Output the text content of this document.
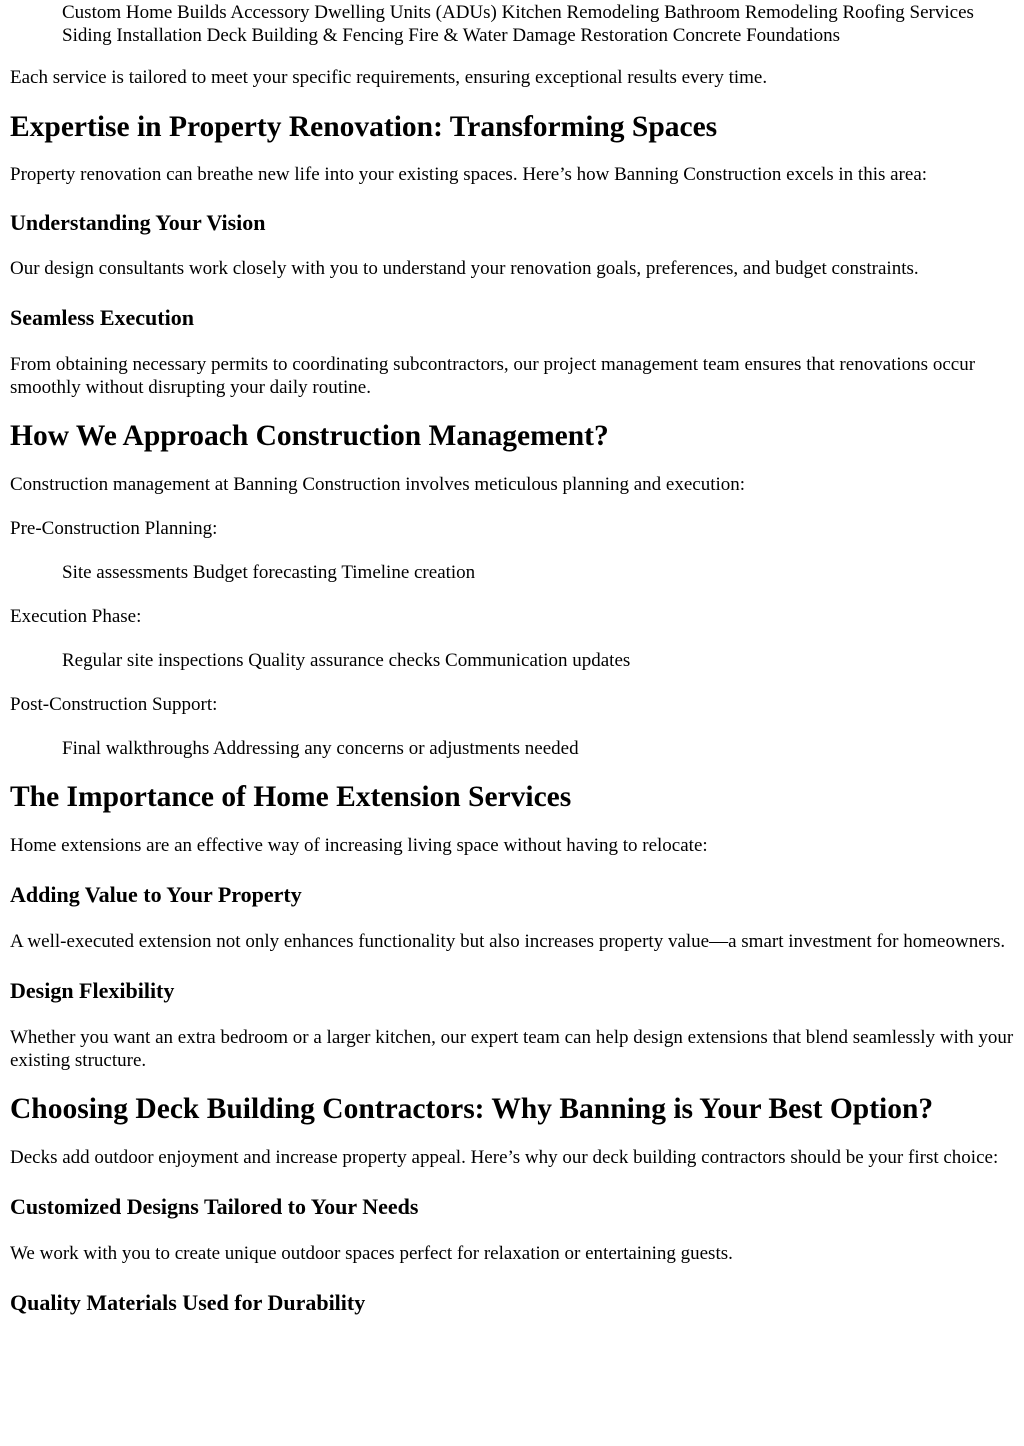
Custom Home Builds Accessory Dwelling Units (ADUs) Kitchen Remodeling Bathroom Remodeling Roofing Services Siding Installation Deck Building & Fencing Fire & Water Damage Restoration Concrete Foundations

Each service is tailored to meet your specific requirements, ensuring exceptional results every time.

Expertise in Property Renovation: Transforming Spaces

Property renovation can breathe new life into your existing spaces. Here’s how Banning Construction excels in this area:

Understanding Your Vision

Our design consultants work closely with you to understand your renovation goals, preferences, and budget constraints.

Seamless Execution

From obtaining necessary permits to coordinating subcontractors, our project management team ensures that renovations occur smoothly without disrupting your daily routine.

How We Approach Construction Management?

Construction management at Banning Construction involves meticulous planning and execution:

Pre-Construction Planning:

Site assessments Budget forecasting Timeline creation

Execution Phase:

Regular site inspections Quality assurance checks Communication updates

Post-Construction Support:

Final walkthroughs Addressing any concerns or adjustments needed

The Importance of Home Extension Services

Home extensions are an effective way of increasing living space without having to relocate:

Adding Value to Your Property

A well-executed extension not only enhances functionality but also increases property value—a smart investment for homeowners.

Design Flexibility

Whether you want an extra bedroom or a larger kitchen, our expert team can help design extensions that blend seamlessly with your existing structure.

Choosing Deck Building Contractors: Why Banning is Your Best Option?

Decks add outdoor enjoyment and increase property appeal. Here’s why our deck building contractors should be your first choice:

Customized Designs Tailored to Your Needs

We work with you to create unique outdoor spaces perfect for relaxation or entertaining guests.

Quality Materials Used for Durability
